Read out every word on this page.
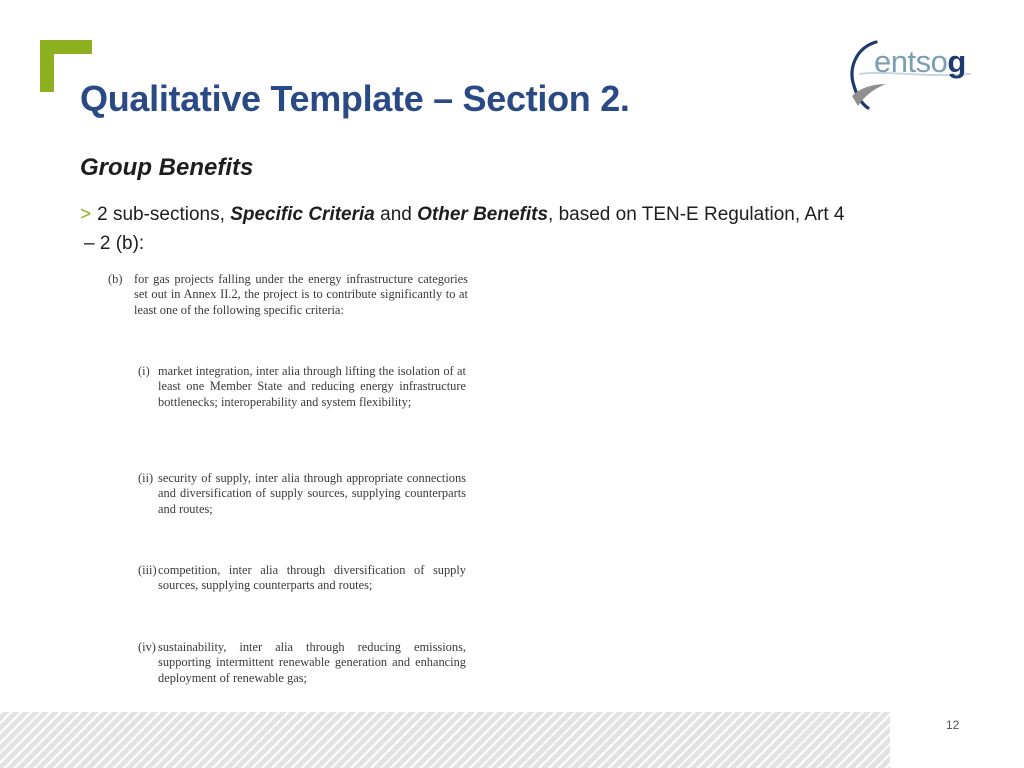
Qualitative Template – Section 2.
entsog
Group Benefits
> 2 sub-sections, Specific Criteria and Other Benefits, based on TEN-E Regulation, Art 4
– 2 (b):
(b) for gas projects falling under the energy infrastructure categories set out in Annex II.2, the project is to contribute significantly to at least one of the following specific criteria:
(i) market integration, inter alia through lifting the isolation of at least one Member State and reducing energy infrastructure bottlenecks; interoperability and system flexibility;
(ii) security of supply, inter alia through appropriate connections and diversification of supply sources, supplying counterparts and routes;
(iii) competition, inter alia through diversification of supply sources, supplying counterparts and routes;
(iv) sustainability, inter alia through reducing emissions, supporting intermittent renewable generation and enhancing deployment of renewable gas;
12
